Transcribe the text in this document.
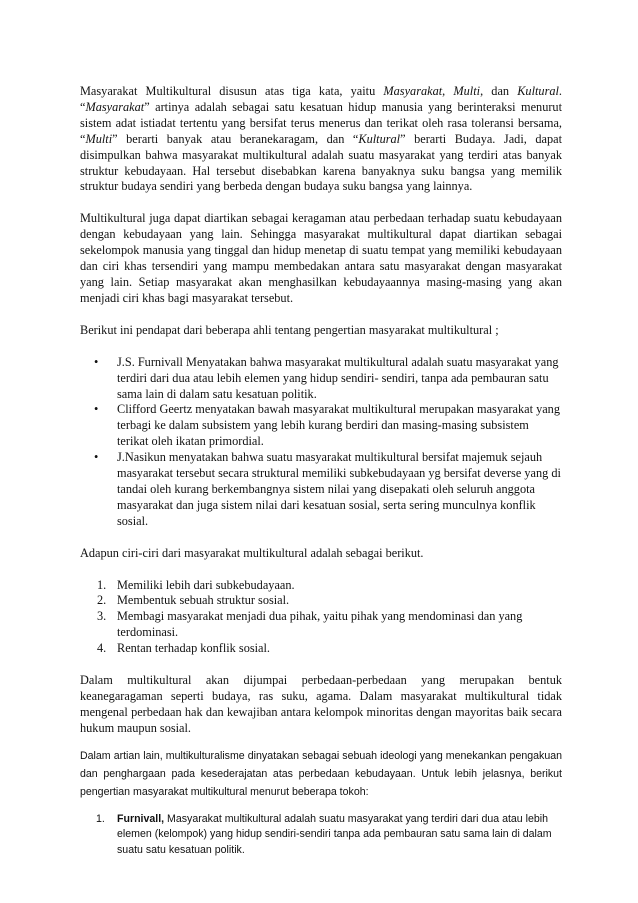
Masyarakat Multikultural disusun atas tiga kata, yaitu Masyarakat, Multi, dan Kultural. “Masyarakat” artinya adalah sebagai satu kesatuan hidup manusia yang berinteraksi menurut sistem adat istiadat tertentu yang bersifat terus menerus dan terikat oleh rasa toleransi bersama, “Multi” berarti banyak atau beranekaragam, dan “Kultural” berarti Budaya. Jadi, dapat disimpulkan bahwa masyarakat multikultural adalah suatu masyarakat yang terdiri atas banyak struktur kebudayaan. Hal tersebut disebabkan karena banyaknya suku bangsa yang memilik struktur budaya sendiri yang berbeda dengan budaya suku bangsa yang lainnya.

Multikultural juga dapat diartikan sebagai keragaman atau perbedaan terhadap suatu kebudayaan dengan kebudayaan yang lain. Sehingga masyarakat multikultural dapat diartikan sebagai sekelompok manusia yang tinggal dan hidup menetap di suatu tempat yang memiliki kebudayaan dan ciri khas tersendiri yang mampu membedakan antara satu masyarakat dengan masyarakat yang lain. Setiap masyarakat akan menghasilkan kebudayaannya masing-masing yang akan menjadi ciri khas bagi masyarakat tersebut.

Berikut ini pendapat dari beberapa ahli tentang pengertian masyarakat multikultural ;

• J.S. Furnivall Menyatakan bahwa masyarakat multikultural adalah suatu masyarakat yang terdiri dari dua atau lebih elemen yang hidup sendiri- sendiri, tanpa ada pembauran satu sama lain di dalam satu kesatuan politik.
• Clifford Geertz menyatakan bawah masyarakat multikultural merupakan masyarakat yang terbagi ke dalam subsistem yang lebih kurang berdiri dan masing-masing subsistem terikat oleh ikatan primordial.
• J.Nasikun menyatakan bahwa suatu masyarakat multikultural bersifat majemuk sejauh masyarakat tersebut secara struktural memiliki subkebudayaan yg bersifat deverse yang di tandai oleh kurang berkembangnya sistem nilai yang disepakati oleh seluruh anggota masyarakat dan juga sistem nilai dari kesatuan sosial, serta sering munculnya konflik sosial.

Adapun ciri-ciri dari masyarakat multikultural adalah sebagai berikut.

1. Memiliki lebih dari subkebudayaan.
2. Membentuk sebuah struktur sosial.
3. Membagi masyarakat menjadi dua pihak, yaitu pihak yang mendominasi dan yang terdominasi.
4. Rentan terhadap konflik sosial.

Dalam multikultural akan dijumpai perbedaan-perbedaan yang merupakan bentuk keanegaragaman seperti budaya, ras suku, agama. Dalam masyarakat multikultural tidak mengenal perbedaan hak dan kewajiban antara kelompok minoritas dengan mayoritas baik secara hukum maupun sosial.

Dalam artian lain, multikulturalisme dinyatakan sebagai sebuah ideologi yang menekankan pengakuan dan penghargaan pada kesederajatan atas perbedaan kebudayaan. Untuk lebih jelasnya, berikut pengertian masyarakat multikultural menurut beberapa tokoh:

1. Furnivall, Masyarakat multikultural adalah suatu masyarakat yang terdiri dari dua atau lebih elemen (kelompok) yang hidup sendiri-sendiri tanpa ada pembauran satu sama lain di dalam suatu satu kesatuan politik.
